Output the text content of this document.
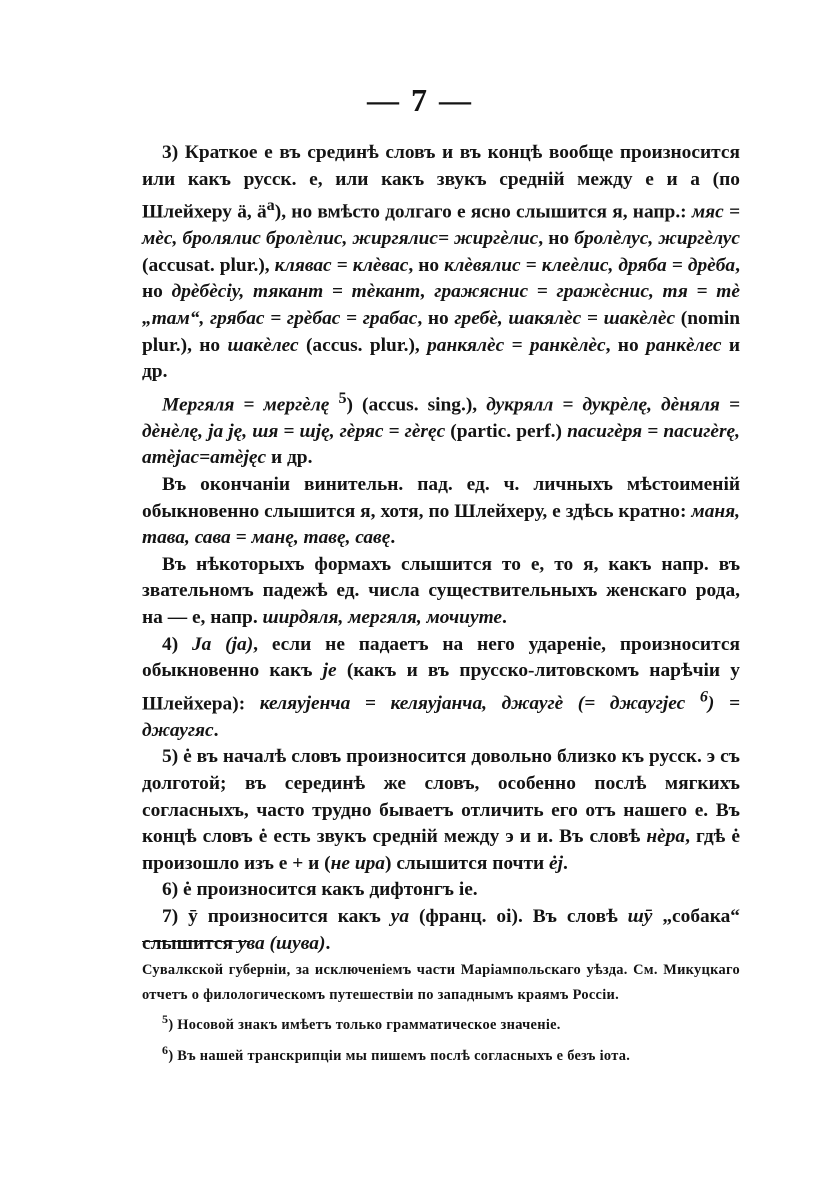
— 7 —

3) Краткое е въ срединѣ словъ и въ концѣ вообще произносится или какъ русск. е, или какъ звукъ средній между е и а (по Шлейхеру ä, $ä^a$), но вмѣсто долгаго е ясно слышится я, напр.: мяс = мѐс, брoлялис бролѐлис, жиргялис= жиргѐлис, но бролѐлус, жиргѐлус (accusat. plur.), клявас = клѐвас, но клѐвялис = клеѐлис, дряба = дрѐба, но дрѐбѐсiу, тякант = тѐкант, гражяснис = гражѐснис, тя = тѐ „там“, грябас = грѐбас = грабас, но гребѐ, шакялѐс = шакѐлѐс (nomin plur.), но шакѐлес (accus. plur.), ранкялѐс = ранкѐлѐс, но ранкѐлес и др.

Мергяля = мергѐлę $^5$) (accus. sing.), дукрялл = дукрѐлę, дѐняля = дѐнѐлę, ja ję, шя = шję, гѐряс = гѐręс (partic. perf.) пасигѐря = пасигѐrę, атѐjас=атѐjęс и др.

Въ окончаніи винительн. пад. ед. ч. личныхъ мѣстоименій обыкновенно слышится я, хотя, по Шлейхеру, е здѣсь кратно: маня, тава, сава = манę, тавę, савę.

Въ нѣкоторыхъ формахъ слышится то е, то я, какъ напр. въ звательномъ падежѣ ед. числа существительныхъ женскаго рода, на — е, напр. ширдяля, мергяля, мочиуте.

4) Ja (ja), если не падаетъ на него удареніе, произносится обыкновенно какъ je (какъ и въ прусско-литовскомъ нарѣчіи у Шлейхера): келяуjенча = келяуjанча, джаугѐ (= джаугjес $^6$) = джаугяс.

5) ė въ началѣ словъ произносится довольно близко къ русск. э съ долготой; въ серединѣ же словъ, особенно послѣ мягкихъ согласныхъ, часто трудно бываетъ отличить его отъ нашего е. Въ концѣ словъ ė есть звукъ средній между э и и. Въ словѣ нѐра, гдѣ ė произошло изъ е + и (не ира) слышится почти ėj.

6) ė произносится какъ дифтонгъ ie.

7) ӯ произносится какъ уа (франц. oi). Въ словѣ шӯ „собака“ слышится ува (шува).

Сувалкской губерніи, за исключеніемъ части Маріампольскаго уѣзда. См. Микуцкаго отчетъ о филологическомъ путешествіи по западнымъ краямъ Россіи.

$^5$) Носовой знакъ имѣетъ только грамматическое значеніе.

$^6$) Въ нашей транскрипціи мы пишемъ послѣ согласныхъ е безъ іота.
